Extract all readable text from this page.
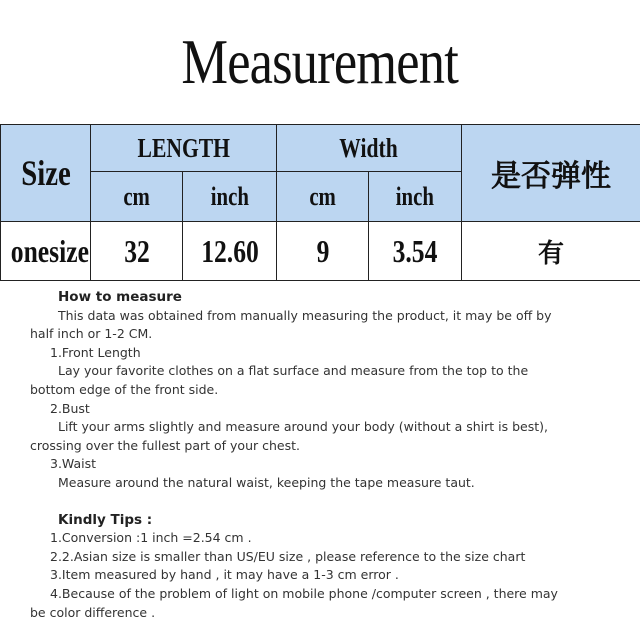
Measurement
Size	LENGTH		Width		是否弹性
	cm	inch	cm	inch	
onesize	32	12.60	9	3.54	有

How to measure

This data was obtained from manually measuring the product, it may be off by

half inch or 1-2 CM.

1.Front Length

Lay your favorite clothes on a flat surface and measure from the top to the

bottom edge of the front side.

2.Bust

Lift your arms slightly and measure around your body (without a shirt is best),

crossing over the fullest part of your chest.

3.Waist

Measure around the natural waist, keeping the tape measure taut.

Kindly Tips :

1.Conversion :1 inch =2.54 cm .

2.2.Asian size is smaller than US/EU size , please reference to the size chart

3.Item measured by hand , it may have a 1-3 cm error .

4.Because of the problem of light on mobile phone /computer screen , there may

be color difference .
